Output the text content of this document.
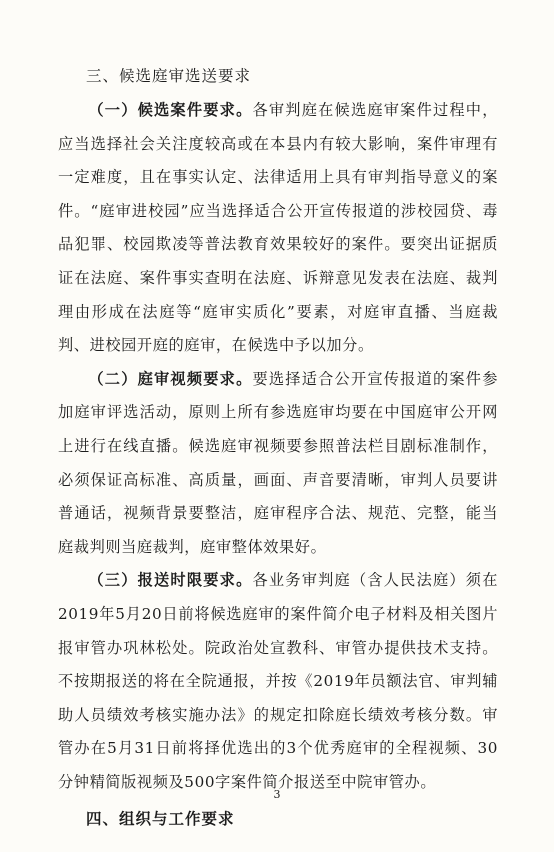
三、候选庭审选送要求

（一）候选案件要求。各审判庭在候选庭审案件过程中，应当选择社会关注度较高或在本县内有较大影响，案件审理有一定难度，且在事实认定、法律适用上具有审判指导意义的案件。“庭审进校园”应当选择适合公开宣传报道的涉校园贷、毒品犯罪、校园欺凌等普法教育效果较好的案件。要突出证据质证在法庭、案件事实查明在法庭、诉辩意见发表在法庭、裁判理由形成在法庭等“庭审实质化”要素，对庭审直播、当庭裁判、进校园开庭的庭审，在候选中予以加分。

（二）庭审视频要求。要选择适合公开宣传报道的案件参加庭审评选活动，原则上所有参选庭审均要在中国庭审公开网上进行在线直播。候选庭审视频要参照普法栏目剧标准制作，必须保证高标准、高质量，画面、声音要清晰，审判人员要讲普通话，视频背景要整洁，庭审程序合法、规范、完整，能当庭裁判则当庭裁判，庭审整体效果好。

（三）报送时限要求。各业务审判庭（含人民法庭）须在2019年5月20日前将候选庭审的案件简介电子材料及相关图片报审管办巩林松处。院政治处宣教科、审管办提供技术支持。不按期报送的将在全院通报，并按《2019年员额法官、审判辅助人员绩效考核实施办法》的规定扣除庭长绩效考核分数。审管办在5月31日前将择优选出的3个优秀庭审的全程视频、30分钟精简版视频及500字案件简介报送至中院审管办。

四、组织与工作要求
3
